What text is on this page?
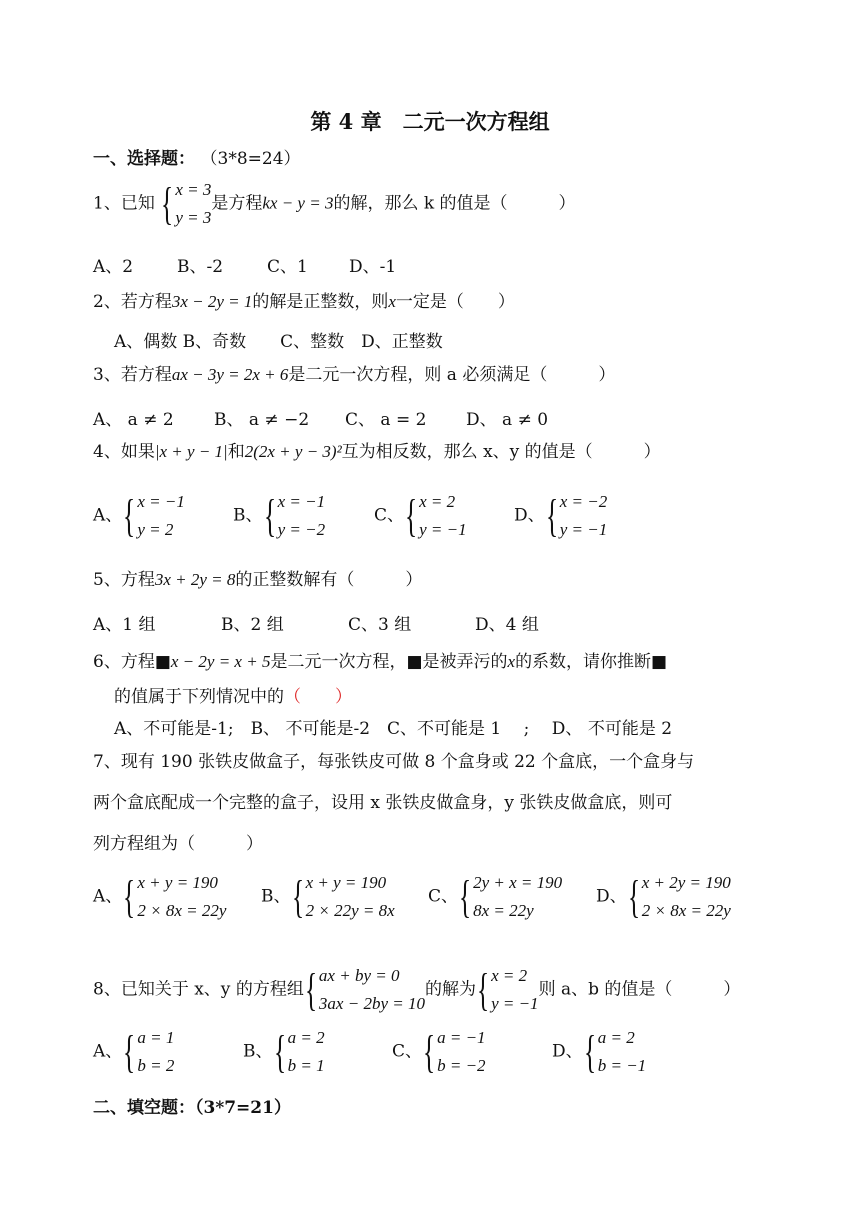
第 4 章　二元一次方程组
一、选择题： （3*8=24）
1、已知 { x = 3
y = 3
是方程kx − y = 3的解，那么 k 的值是（　　　）
A、2	B、-2	C、1 D、-1
2、若方程3x − 2y = 1的解是正整数，则x一定是（　　）
A、偶数 B、奇数　　C、整数　D、正整数
3、若方程ax − 3y = 2x + 6是二元一次方程，则 a 必须满足（　　　）
A、 a ≠ 2 B、 a ≠ −2 C、 a = 2 D、 a ≠ 0
4、如果|x + y − 1|和2(2x + y − 3)²互为相反数，那么 x、y 的值是（　　　）
A、 { x = −1
y = 2
B、 { x = −1
y = −2
C、 { x = 2
y = −1
D、 { x = −2
y = −1
5、方程3x + 2y = 8的正整数解有（　　　）
A、1 组	B、2 组	C、3 组	D、4 组
6、方程■x − 2y = x + 5是二元一次方程，■是被弄污的x的系数，请你推断■
的值属于下列情况中的（　　）
A、不可能是-1;　B、 不可能是-2　C、不可能是 1　 ;　 D、 不可能是 2
7、现有 190 张铁皮做盒子，每张铁皮可做 8 个盒身或 22 个盒底，一个盒身与
两个盒底配成一个完整的盒子，设用 x 张铁皮做盒身，y 张铁皮做盒底，则可
列方程组为（　　　）
A、 { x + y = 190
2 × 8x = 22y
B、 { x + y = 190
2 × 22y = 8x
C、 { 2y + x = 190
8x = 22y
D、 { x + 2y = 190
2 × 8x = 22y
8、已知关于 x、y 的方程组 { ax + by = 0
3ax − 2by = 10
的解为 { x = 2
y = −1
则 a、b 的值是（　　　）
A、 { a = 1
b = 2
B、 { a = 2
b = 1
C、 { a = −1
b = −2
D、 { a = 2
b = −1
二、填空题：（3*7=21）
